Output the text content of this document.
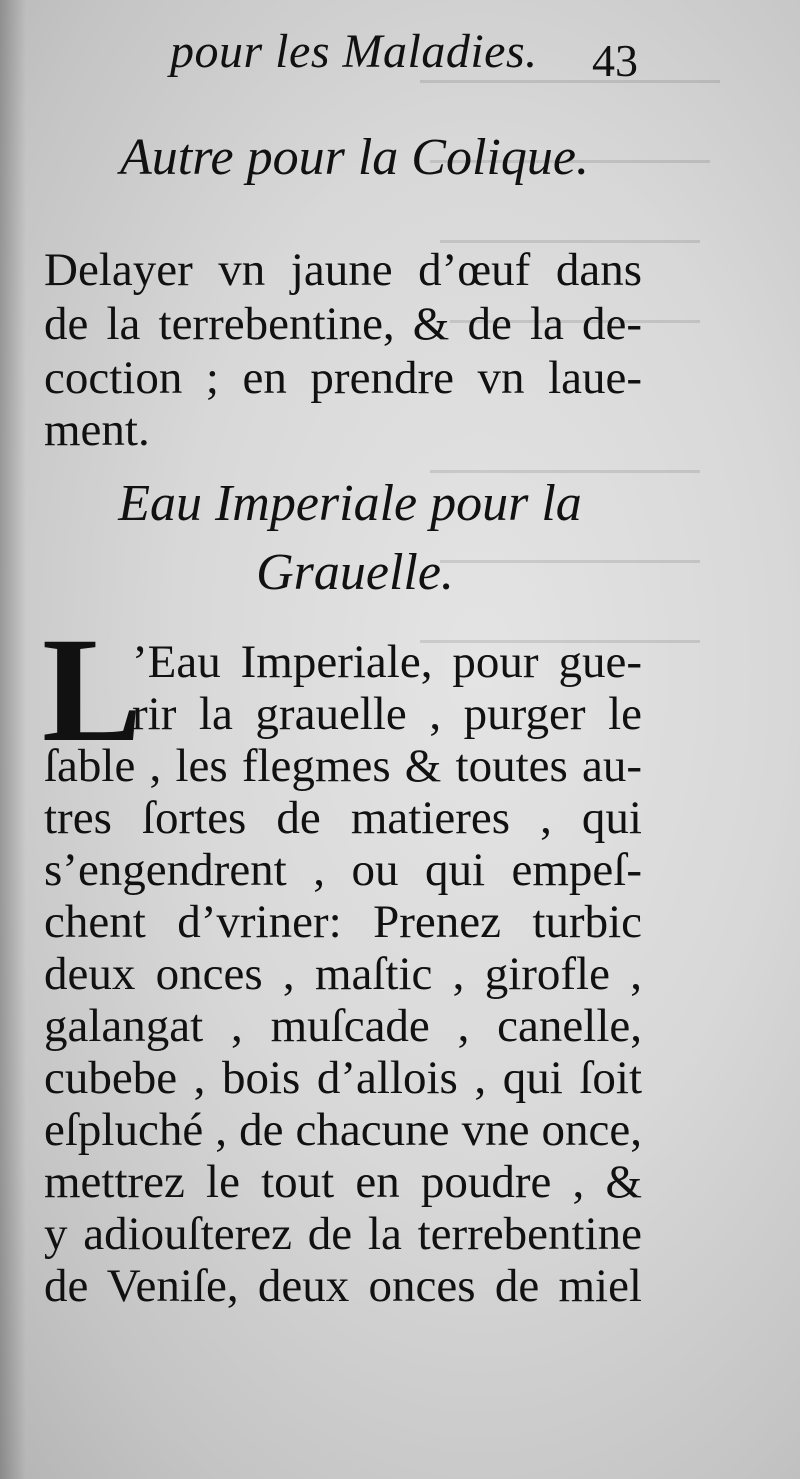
pour les Maladies. 43
Autre pour la Colique.
Delayer vn jaune d’œuf dans
de la terrebentine, & de la de-
coction ; en prendre vn laue-
ment.
Eau Imperiale pour la
Grauelle.
L
’Eau Imperiale, pour gue-
rir la grauelle , purger le
ſable , les flegmes & toutes au-
tres ſortes de matieres , qui
s’engendrent , ou qui empeſ-
chent d’vriner: Prenez turbic
deux onces , maſtic , girofle ,
galangat , muſcade , canelle,
cubebe , bois d’allois , qui ſoit
eſpluché , de chacune vne once,
mettrez le tout en poudre , &
y adiouſterez de la terrebentine
de Veniſe, deux onces de miel
